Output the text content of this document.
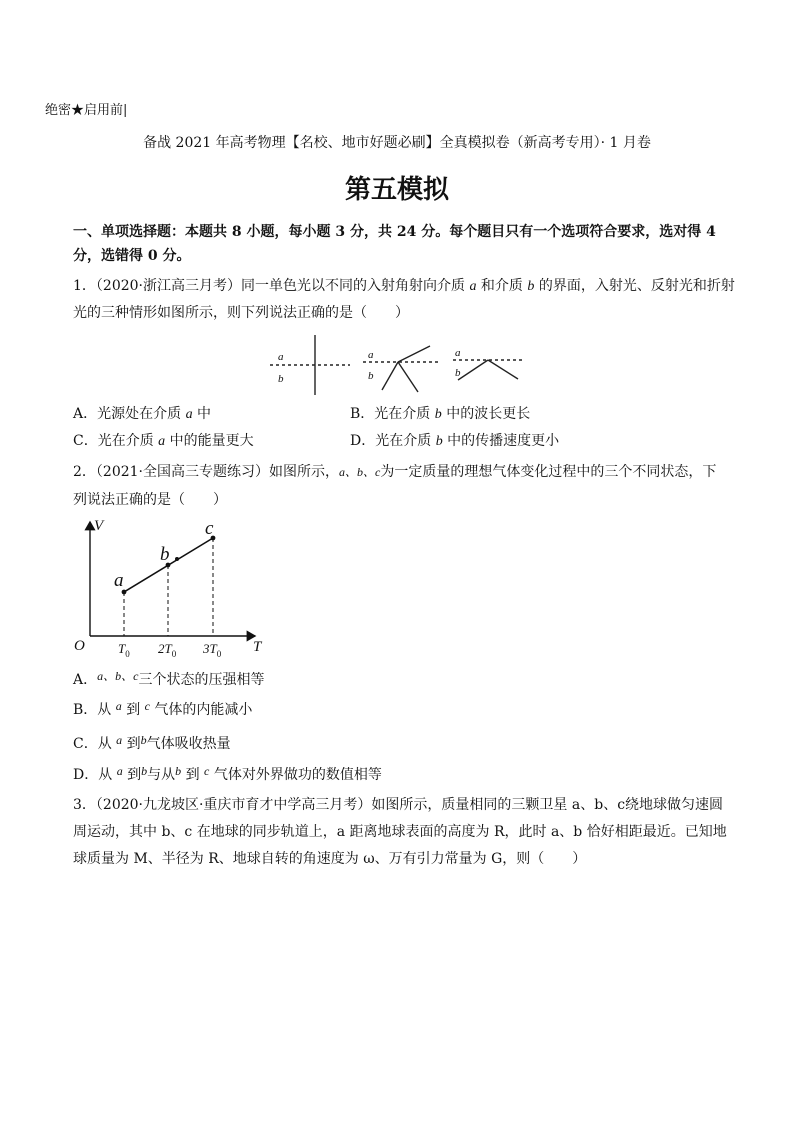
绝密★启用前|
备战 2021 年高考物理【名校、地市好题必刷】全真模拟卷（新高考专用）· 1 月卷
第五模拟
一、单项选择题：本题共 8 小题，每小题 3 分，共 24 分。每个题目只有一个选项符合要求，选对得 4
分，选错得 0 分。
1．（2020·浙江高三月考）同一单色光以不同的入射角射向介质 a 和介质 b 的界面，入射光、反射光和折射
光的三种情形如图所示，则下列说法正确的是（　　）
a
b
a
b
a
b
A．光源处在介质 a 中	B．光在介质 b 中的波长更长
C．光在介质 a 中的能量更大	D．光在介质 b 中的传播速度更小
2．（2021·全国高三专题练习）如图所示，a、b、c为一定质量的理想气体变化过程中的三个不同状态，下
列说法正确的是（　　）
V
T
O
a
b
c
$T_0$ $2T_0$ $3T_0$
A．a、b、c三个状态的压强相等
B．从 a 到 c 气体的内能减小
C．从 a 到b气体吸收热量
D．从 a 到b与从b 到 c 气体对外界做功的数值相等
3．（2020·九龙坡区·重庆市育才中学高三月考）如图所示，质量相同的三颗卫星 a、b、c绕地球做匀速圆
周运动，其中 b、c 在地球的同步轨道上，a 距离地球表面的高度为 R，此时 a、b 恰好相距最近。已知地
球质量为 M、半径为 R、地球自转的角速度为 ω、万有引力常量为 G，则（　　）
